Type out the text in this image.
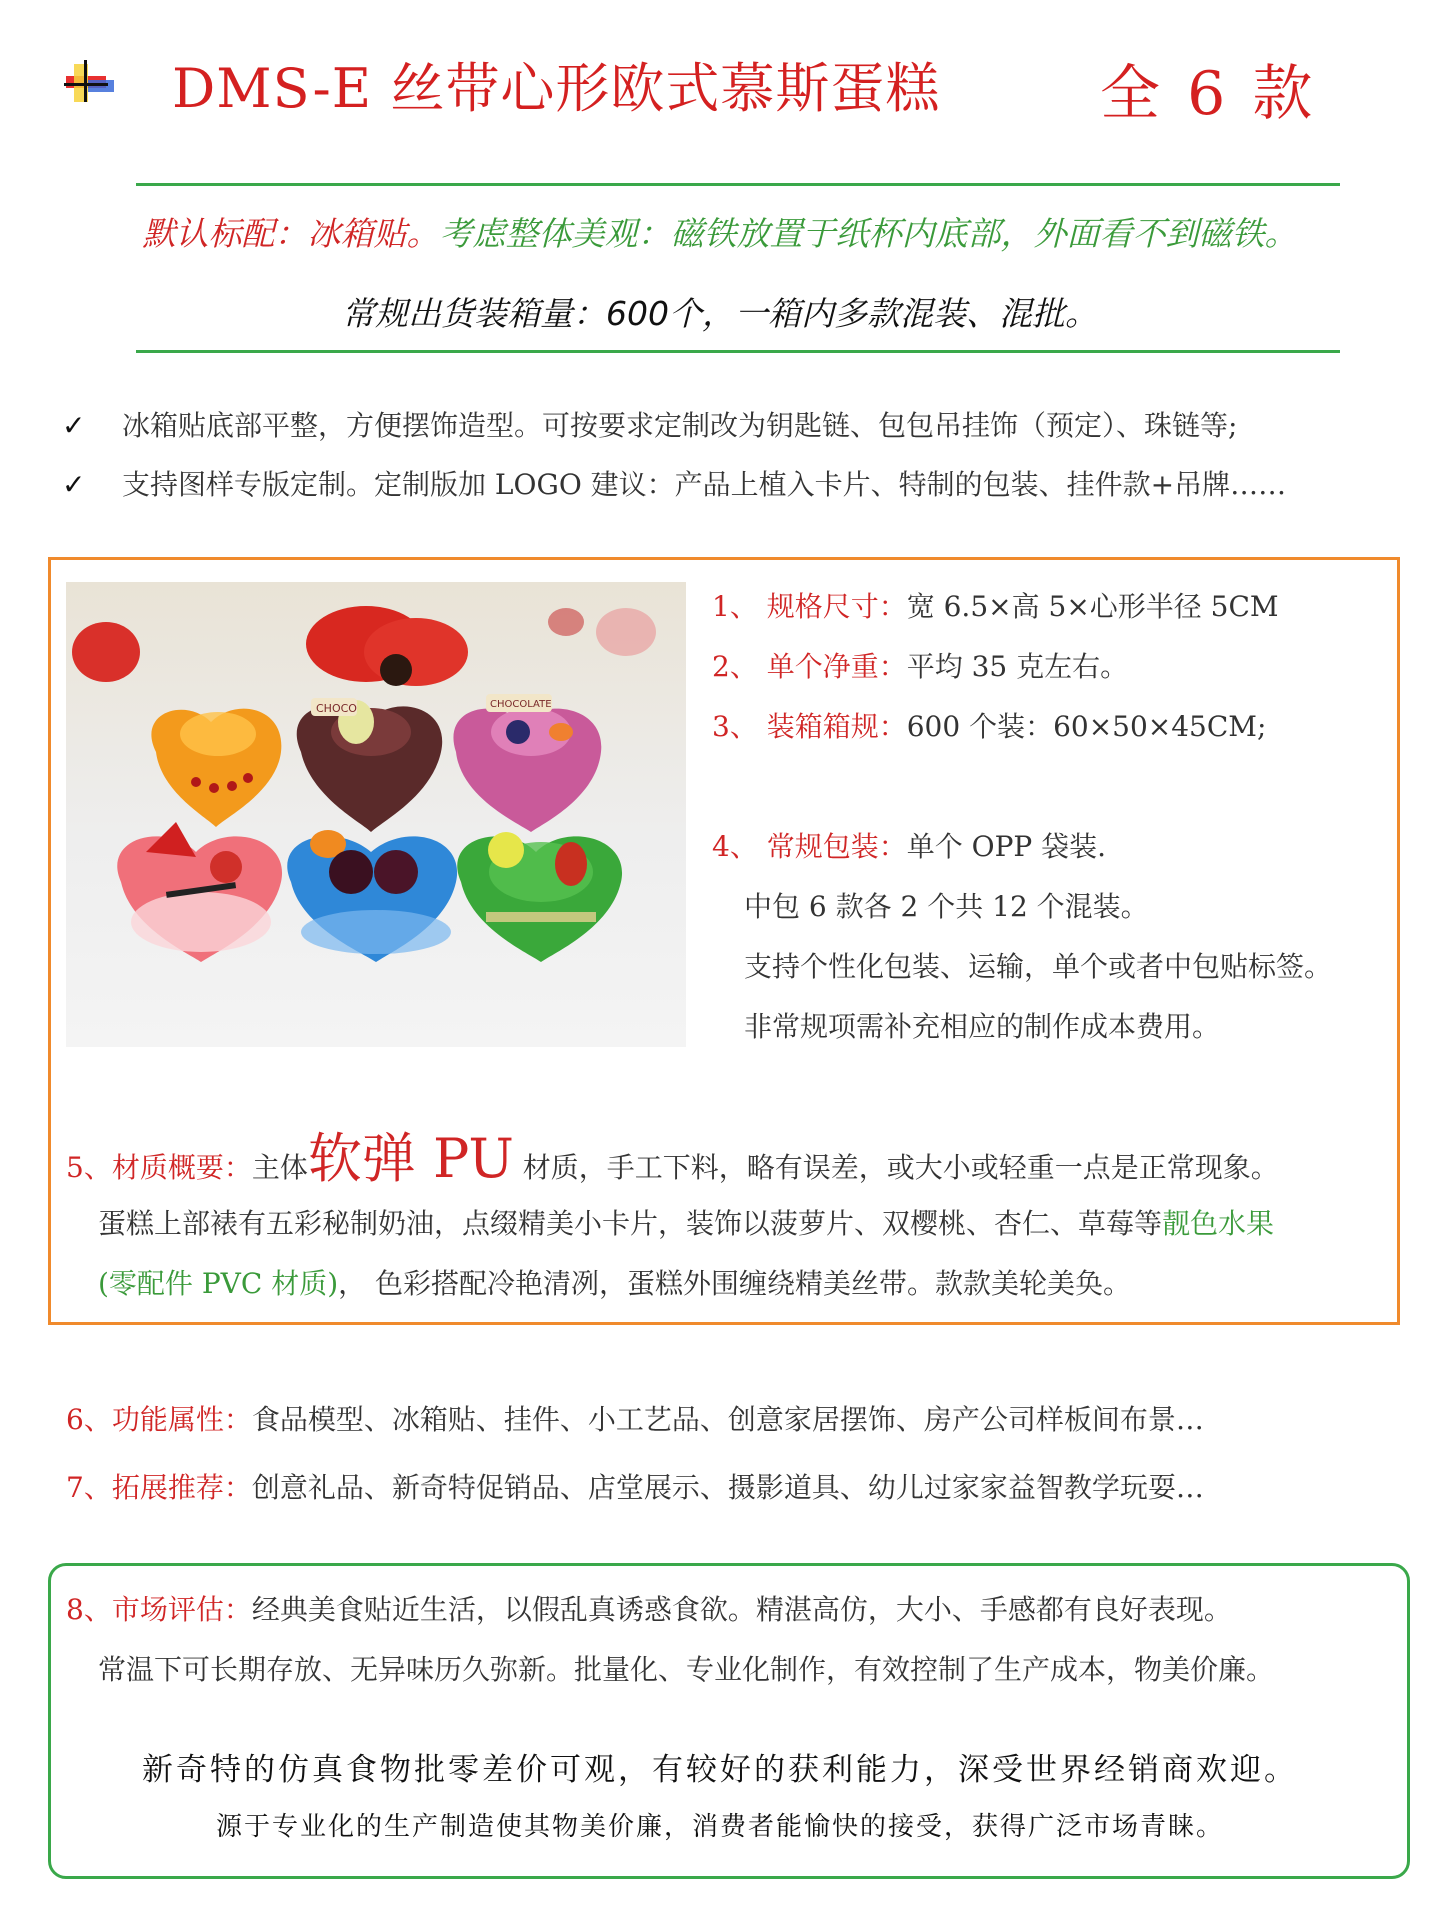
DMS-E 丝带心形欧式慕斯蛋糕	全 6 款
默认标配：冰箱贴。考虑整体美观：磁铁放置于纸杯内底部，外面看不到磁铁。
常规出货装箱量：600个，一箱内多款混装、混批。
✓ 冰箱贴底部平整，方便摆饰造型。可按要求定制改为钥匙链、包包吊挂饰（预定）、珠链等;
✓ 支持图样专版定制。定制版加 LOGO 建议：产品上植入卡片、特制的包装、挂件款+吊牌……
CHOCO	CHOCOLATE
1、 规格尺寸：宽 6.5×高 5×心形半径 5CM
2、 单个净重：平均 35 克左右。
3、 装箱箱规：600 个装：60×50×45CM;
4、 常规包装：单个 OPP 袋装.
中包 6 款各 2 个共 12 个混装。
支持个性化包装、运输，单个或者中包贴标签。
非常规项需补充相应的制作成本费用。
5、材质概要：主体软弹 PU 材质，手工下料，略有误差，或大小或轻重一点是正常现象。
蛋糕上部裱有五彩秘制奶油，点缀精美小卡片，装饰以菠萝片、双樱桃、杏仁、草莓等靓色水果
(零配件 PVC 材质)， 色彩搭配冷艳清冽，蛋糕外围缠绕精美丝带。款款美轮美奂。
6、功能属性：食品模型、冰箱贴、挂件、小工艺品、创意家居摆饰、房产公司样板间布景…
7、拓展推荐：创意礼品、新奇特促销品、店堂展示、摄影道具、幼儿过家家益智教学玩耍…
8、市场评估：经典美食贴近生活，以假乱真诱惑食欲。精湛高仿，大小、手感都有良好表现。
常温下可长期存放、无异味历久弥新。批量化、专业化制作，有效控制了生产成本，物美价廉。
新奇特的仿真食物批零差价可观，有较好的获利能力，深受世界经销商欢迎。
源于专业化的生产制造使其物美价廉，消费者能愉快的接受，获得广泛市场青睐。
